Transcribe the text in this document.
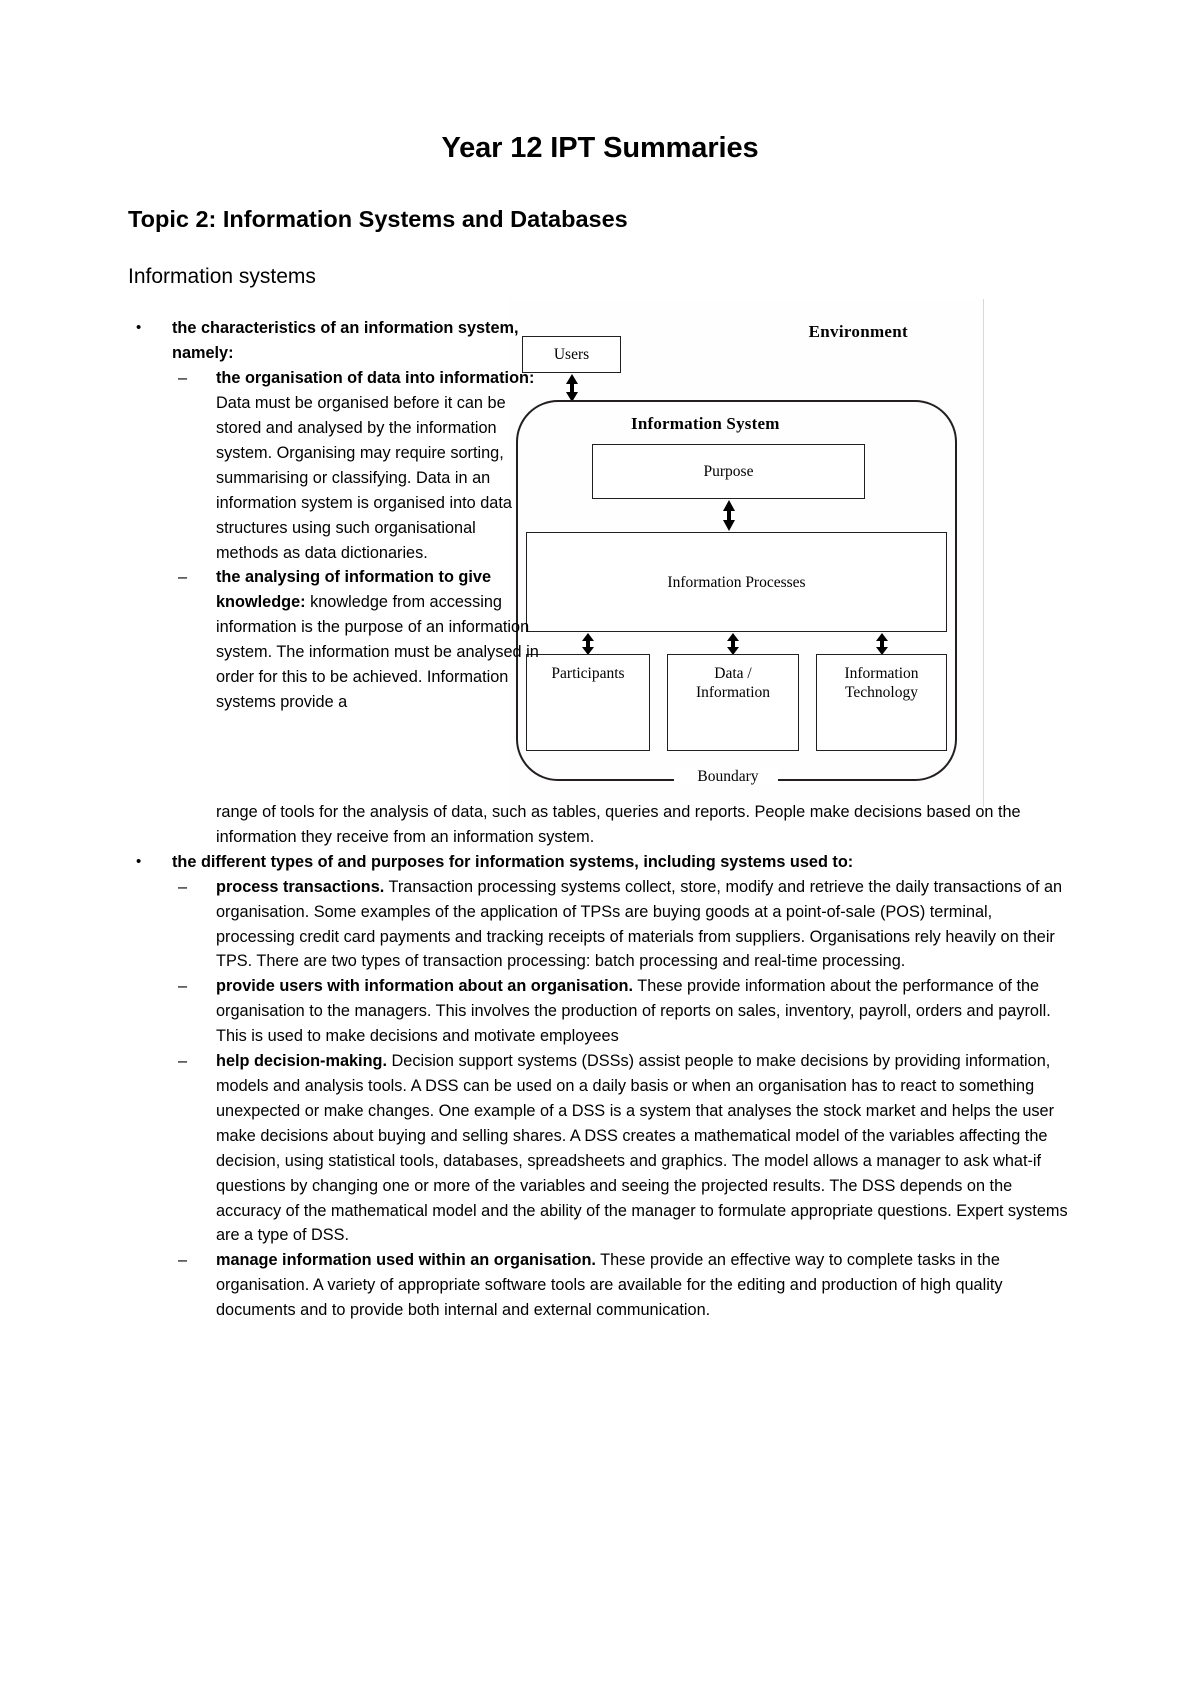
Year 12 IPT Summaries
Topic 2: Information Systems and Databases
Information systems
Environment
Users
Information System
Purpose
Information Processes
Participants	Data /
Information
Information
Technology
Boundary
• the characteristics of an information system, namely:
– the organisation of data into information: Data must be organised before it can be stored and analysed by the information system. Organising may require sorting, summarising or classifying. Data in an information system is organised into data structures using such organisational methods as data dictionaries.
– the analysing of information to give knowledge: knowledge from accessing information is the purpose of an information system. The information must be analysed in order for this to be achieved. Information systems provide a
range of tools for the analysis of data, such as tables, queries and reports. People make decisions based on the information they receive from an information system.
• the different types of and purposes for information systems, including systems used to:
– process transactions. Transaction processing systems collect, store, modify and retrieve the daily transactions of an organisation. Some examples of the application of TPSs are buying goods at a point-of-sale (POS) terminal, processing credit card payments and tracking receipts of materials from suppliers. Organisations rely heavily on their TPS. There are two types of transaction processing: batch processing and real-time processing.
– provide users with information about an organisation. These provide information about the performance of the organisation to the managers. This involves the production of reports on sales, inventory, payroll, orders and payroll. This is used to make decisions and motivate employees
– help decision-making. Decision support systems (DSSs) assist people to make decisions by providing information, models and analysis tools. A DSS can be used on a daily basis or when an organisation has to react to something unexpected or make changes. One example of a DSS is a system that analyses the stock market and helps the user make decisions about buying and selling shares. A DSS creates a mathematical model of the variables affecting the decision, using statistical tools, databases, spreadsheets and graphics. The model allows a manager to ask what-if questions by changing one or more of the variables and seeing the projected results. The DSS depends on the accuracy of the mathematical model and the ability of the manager to formulate appropriate questions. Expert systems are a type of DSS.
– manage information used within an organisation. These provide an effective way to complete tasks in the organisation. A variety of appropriate software tools are available for the editing and production of high quality documents and to provide both internal and external communication.
